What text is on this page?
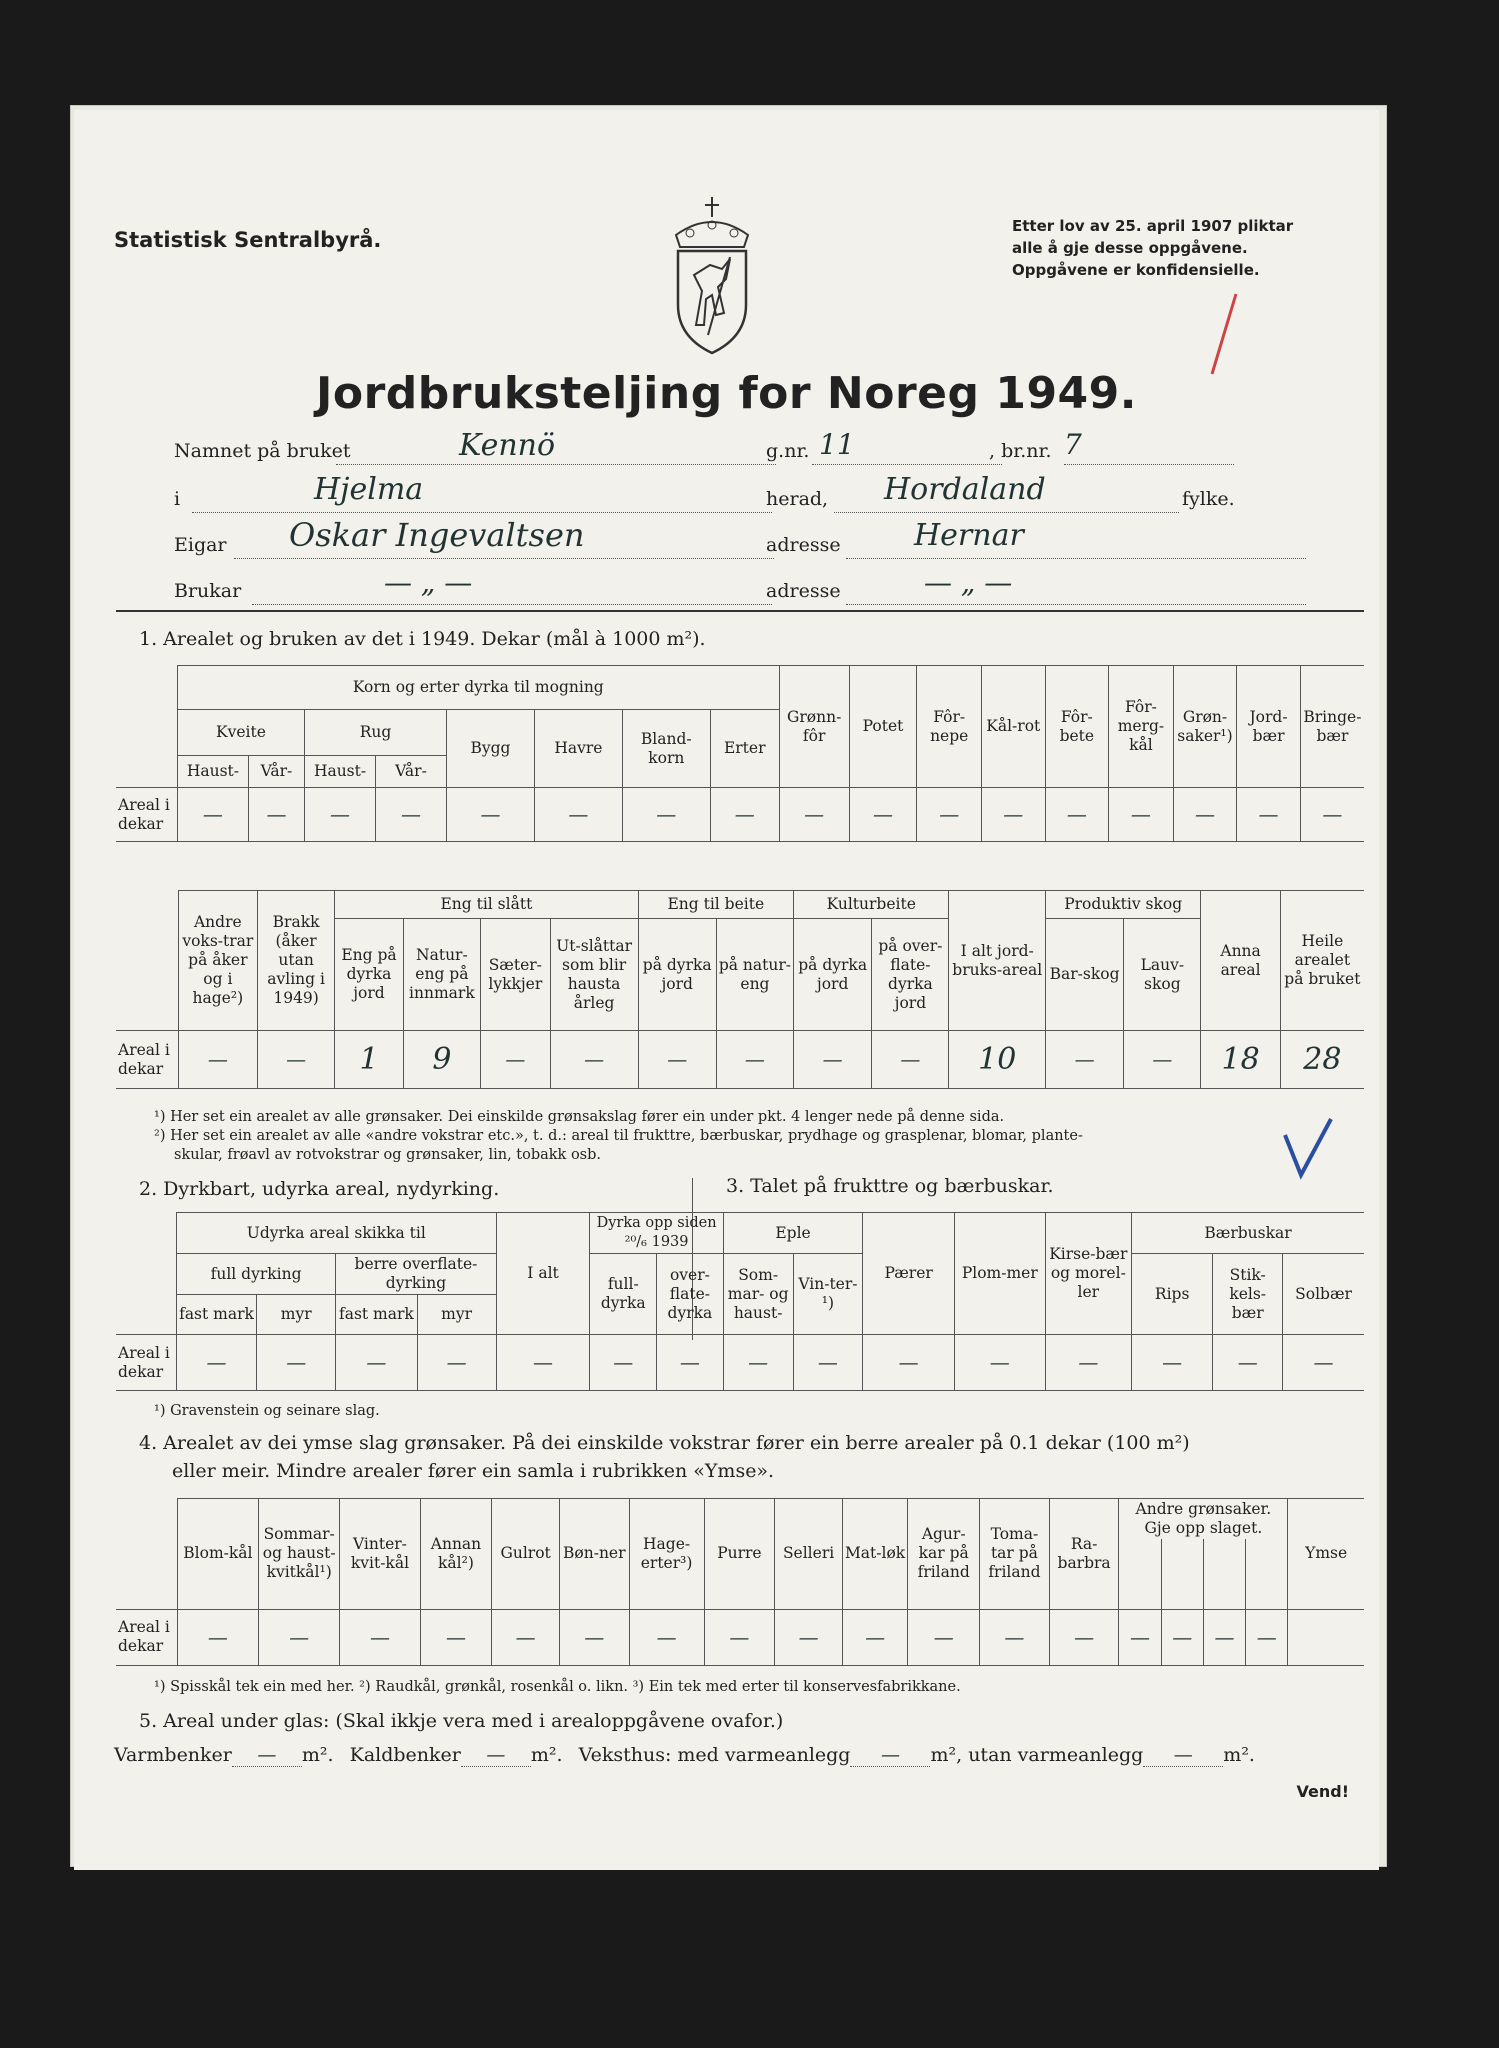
Statistisk Sentralbyrå.
Etter lov av 25. april 1907 pliktar
alle å gje desse oppgåvene.
Oppgåvene er konfidensielle.
Jordbruksteljing for Noreg 1949.
Namnet på bruket	Kennö	g.nr. 11	, br.nr. 7
i	Hjelma	herad, Hordaland	fylke.
Eigar Oskar Ingevaltsen	adresse Hernar
Brukar	— „ —	adresse	— „ —
1. Arealet og bruken av det i 1949. Dekar (mål à 1000 m²).
	Korn og erter dyrka til mogning								Grønn-fôr	Potet	Fôr-nepe	Kål-rot	Fôr-bete	Fôr-merg-kål	Grøn-saker¹)	Jord-bær	Bringe-bær
	Kveite		Rug		Bygg	Havre	Bland-korn	Erter									
	Haust-	Vår-	Haust-	Vår-													
Areal i dekar	—	—	—	—	—	—	—	—	—	—	—	—	—	—	—	—	—
	Andre voks-trar på åker og i hage²)	Brakk (åker utan avling i 1949)	Eng til slått				Eng til beite		Kulturbeite		I alt jord-bruks-areal	Produktiv skog		Anna areal	Heile arealet på bruket
			Eng på dyrka jord	Natur-eng på innmark	Sæter-lykkjer	Ut-slåttar som blir hausta årleg	på dyrka jord	på natur-eng	på dyrka jord	på over-flate-dyrka jord		Bar-skog	Lauv-skog		
Areal i dekar	—	—	1	9	—	—	—	—	—	—	10	—	—	18	28
¹) Her set ein arealet av alle grønsaker. Dei einskilde grønsakslag fører ein under pkt. 4 lenger nede på denne sida.
²) Her set ein arealet av alle «andre vokstrar etc.», t. d.: areal til frukttre, bærbuskar, prydhage og grasplenar, blomar, plante-
skular, frøavl av rotvokstrar og grønsaker, lin, tobakk osb.
2. Dyrkbart, udyrka areal, nydyrking.	3. Talet på frukttre og bærbuskar.
	Udyrka areal skikka til				I alt	Dyrka opp siden ²⁰/₆ 1939		Eple		Pærer	Plom-mer	Kirse-bær og morel-ler	Bærbuskar		
	full dyrking		berre overflate-dyrking			full-dyrka	over-flate-dyrka	Som-mar- og haust-	Vin-ter-¹)				Rips	Stik-kels-bær	Solbær
	fast mark	myr	fast mark	myr											
Areal i dekar	—	—	—	—	—	—	—	—	—	—	—	—	—	—	—
¹) Gravenstein og seinare slag.
4. Arealet av dei ymse slag grønsaker. På dei einskilde vokstrar fører ein berre arealer på 0.1 dekar (100 m²)
eller meir. Mindre arealer fører ein samla i rubrikken «Ymse».
	Blom-kål	Sommar-og haust-kvitkål¹)	Vinter-kvit-kål	Annan kål²)	Gulrot	Bøn-ner	Hage-erter³)	Purre	Selleri	Mat-løk	Agur-kar på friland	Toma-tar på friland	Ra-barbra	Andre grønsaker. Gje opp slaget.				Ymse

Areal i dekar	—	—	—	—	—	—	—	—	—	—	—	—	—	—	—	—	—	
¹) Spisskål tek ein med her. ²) Raudkål, grønkål, rosenkål o. likn. ³) Ein tek med erter til konservesfabrikkane.
5. Areal under glas: (Skal ikkje vera med i arealoppgåvene ovafor.)
Varmbenker — m². Kaldbenker — m². Veksthus: med varmeanlegg — m², utan varmeanlegg — m².
Vend!
